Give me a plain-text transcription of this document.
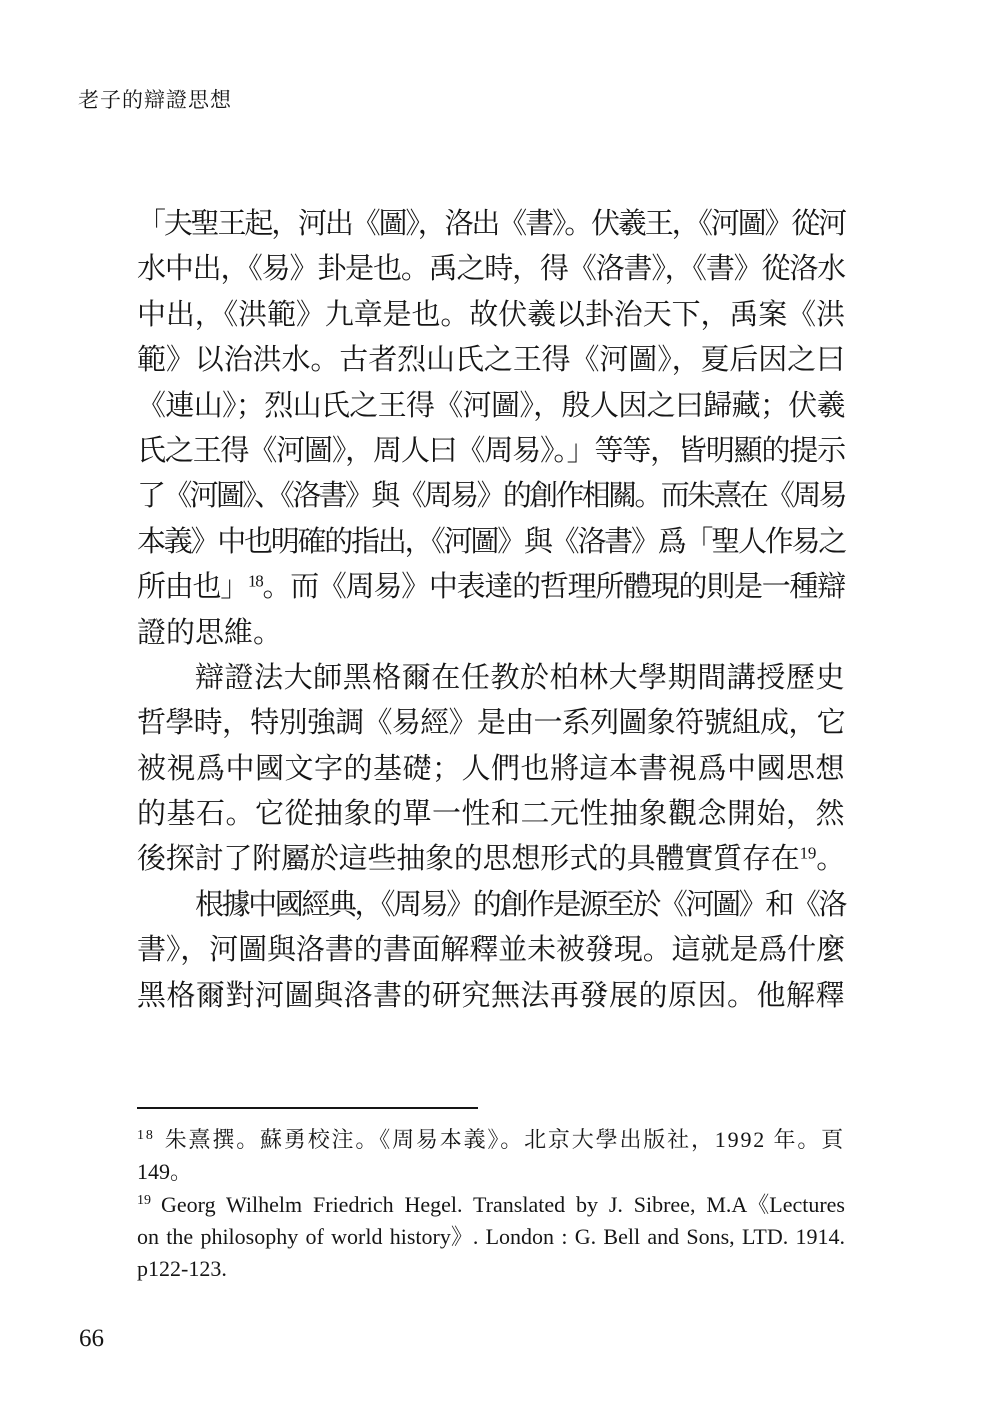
老子的辯證思想
「夫聖王起，河出《圖》，洛出《書》。伏羲王，《河圖》從河
水中出，《易》卦是也。禹之時，得《洛書》，《書》從洛水
中出，《洪範》九章是也。故伏羲以卦治天下，禹案《洪
範》以治洪水。古者烈山氏之王得《河圖》，夏后因之曰
《連山》；烈山氏之王得《河圖》，殷人因之曰歸藏；伏羲
氏之王得《河圖》，周人曰《周易》。」等等，皆明顯的提示
了《河圖》、《洛書》與《周易》的創作相關。而朱熹在《周易
本義》中也明確的指出，《河圖》與《洛書》爲「聖人作易之
所由也」$^{18}$。而《周易》中表達的哲理所體現的則是一種辯
證的思維。
辯證法大師黑格爾在任教於柏林大學期間講授歷史
哲學時，特別強調《易經》是由一系列圖象符號組成，它
被視爲中國文字的基礎；人們也將這本書視爲中國思想
的基石。它從抽象的單一性和二元性抽象觀念開始，然
後探討了附屬於這些抽象的思想形式的具體實質存在$^{19}$。
根據中國經典，《周易》的創作是源至於《河圖》和《洛
書》，河圖與洛書的書面解釋並未被發現。這就是爲什麼
黑格爾對河圖與洛書的研究無法再發展的原因。他解釋
$^{18}$ 朱熹撰。蘇勇校注。《周易本義》。北京大學出版社，1992 年。頁
149。
$^{19}$ Georg Wilhelm Friedrich Hegel. Translated by J. Sibree, M.A《Lectures
on the philosophy of world history》. London : G. Bell and Sons, LTD. 1914.
p122-123.
66
